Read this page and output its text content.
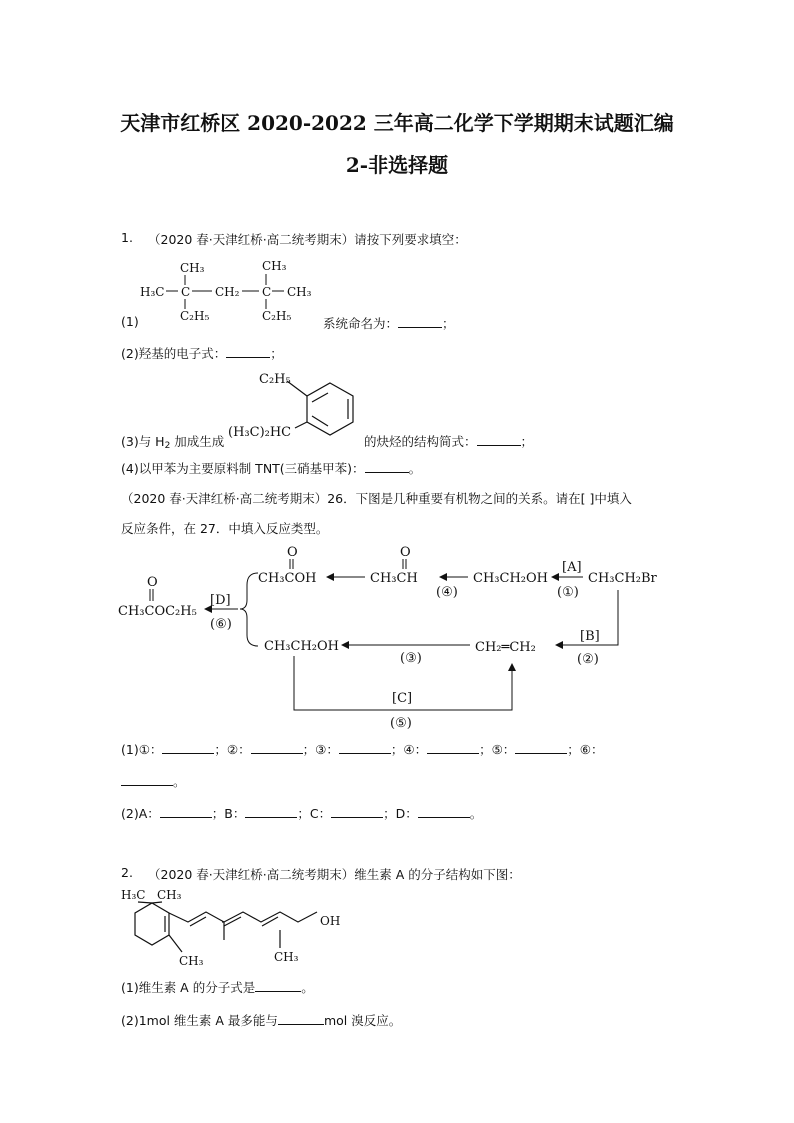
天津市红桥区 2020-2022 三年高二化学下学期期末试题汇编
2-非选择题
1. （2020 春·天津红桥·高二统考期末）请按下列要求填空：
CH₃	CH₃
H₃C C CH₂ C CH₃
C₂H₅	C₂H₅
(1)	系统命名为：	；
(2)羟基的电子式：	；
C₂H₅
(H₃C)₂HC
(3)与 H2 加成生成	的炔烃的结构简式：	；
(4)以甲苯为主要原料制 TNT(三硝基甲苯)：	。
（2020 春·天津红桥·高二统考期末）26．下图是几种重要有机物之间的关系。请在[ ]中填入
反应条件，在 27．中填入反应类型。
O
CH₃COC₂H₅
[D]
(⑥)
O
CH₃COH
O
CH₃CH
(④)
CH₃CH₂OH
[A]
(①)
CH₃CH₂Br
[B]
(②)
CH₃CH₂OH
(③)
CH₂═CH₂
[C]
(⑤)
(1)①：	；②：	；③：	；④：	；⑤：	；⑥：
。
(2)A：	；B：	；C：	；D：	。
2. （2020 春·天津红桥·高二统考期末）维生素 A 的分子结构如下图：
H₃C CH₃
CH₃	CH₃
OH
(1)维生素 A 的分子式是	。
(2)1mol 维生素 A 最多能与	mol 溴反应。
